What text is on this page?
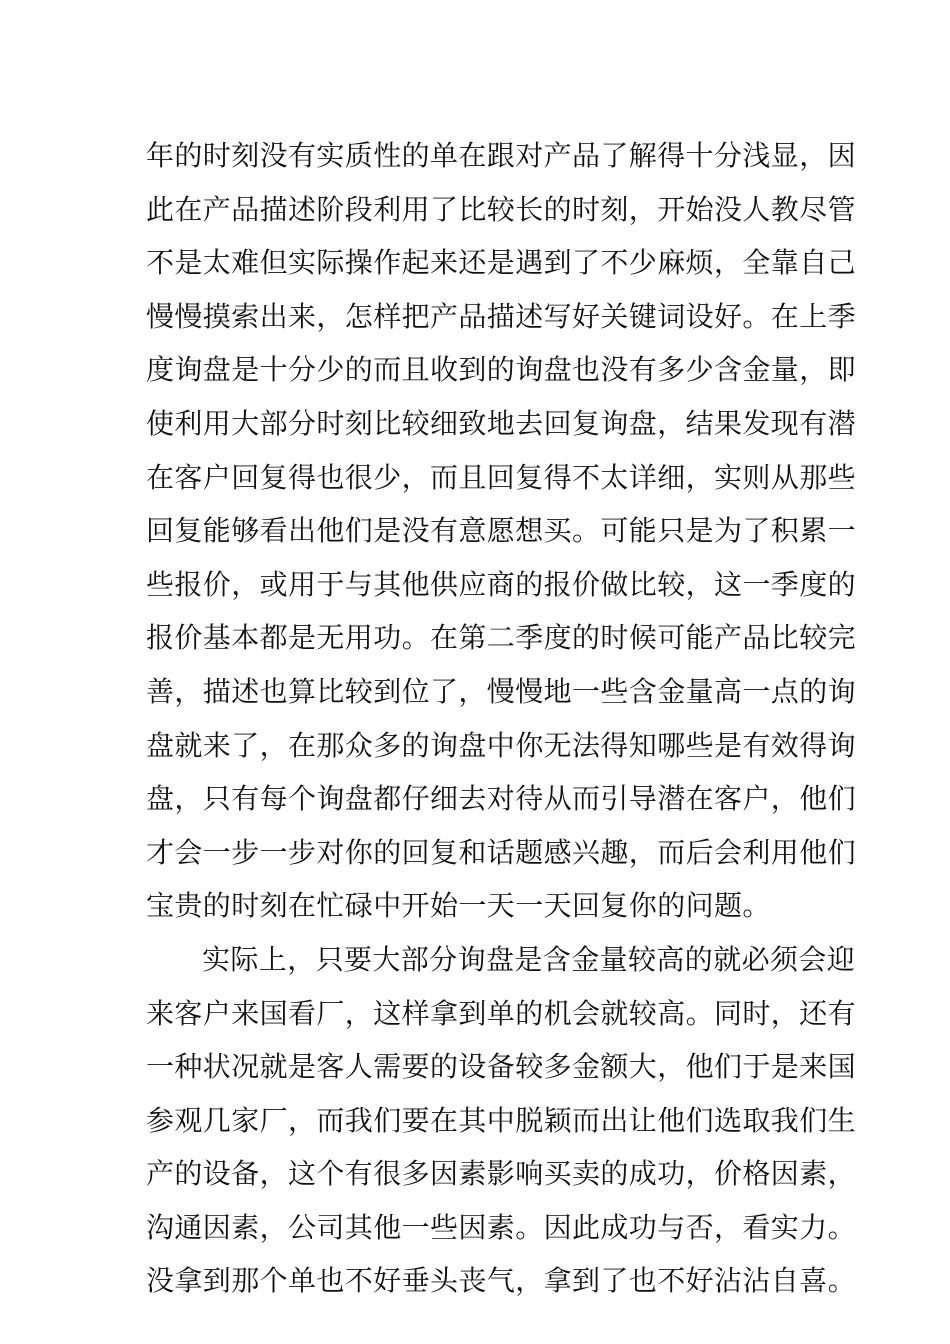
年的时刻没有实质性的单在跟对产品了解得十分浅显，因
此在产品描述阶段利用了比较长的时刻，开始没人教尽管
不是太难但实际操作起来还是遇到了不少麻烦，全靠自己
慢慢摸索出来，怎样把产品描述写好关键词设好。在上季
度询盘是十分少的而且收到的询盘也没有多少含金量，即
使利用大部分时刻比较细致地去回复询盘，结果发现有潜
在客户回复得也很少，而且回复得不太详细，实则从那些
回复能够看出他们是没有意愿想买。可能只是为了积累一
些报价，或用于与其他供应商的报价做比较，这一季度的
报价基本都是无用功。在第二季度的时候可能产品比较完
善，描述也算比较到位了，慢慢地一些含金量高一点的询
盘就来了，在那众多的询盘中你无法得知哪些是有效得询
盘，只有每个询盘都仔细去对待从而引导潜在客户，他们
才会一步一步对你的回复和话题感兴趣，而后会利用他们
宝贵的时刻在忙碌中开始一天一天回复你的问题。
实际上，只要大部分询盘是含金量较高的就必须会迎
来客户来国看厂，这样拿到单的机会就较高。同时，还有
一种状况就是客人需要的设备较多金额大，他们于是来国
参观几家厂，而我们要在其中脱颖而出让他们选取我们生
产的设备，这个有很多因素影响买卖的成功，价格因素，
沟通因素，公司其他一些因素。因此成功与否，看实力。
没拿到那个单也不好垂头丧气，拿到了也不好沾沾自喜。
